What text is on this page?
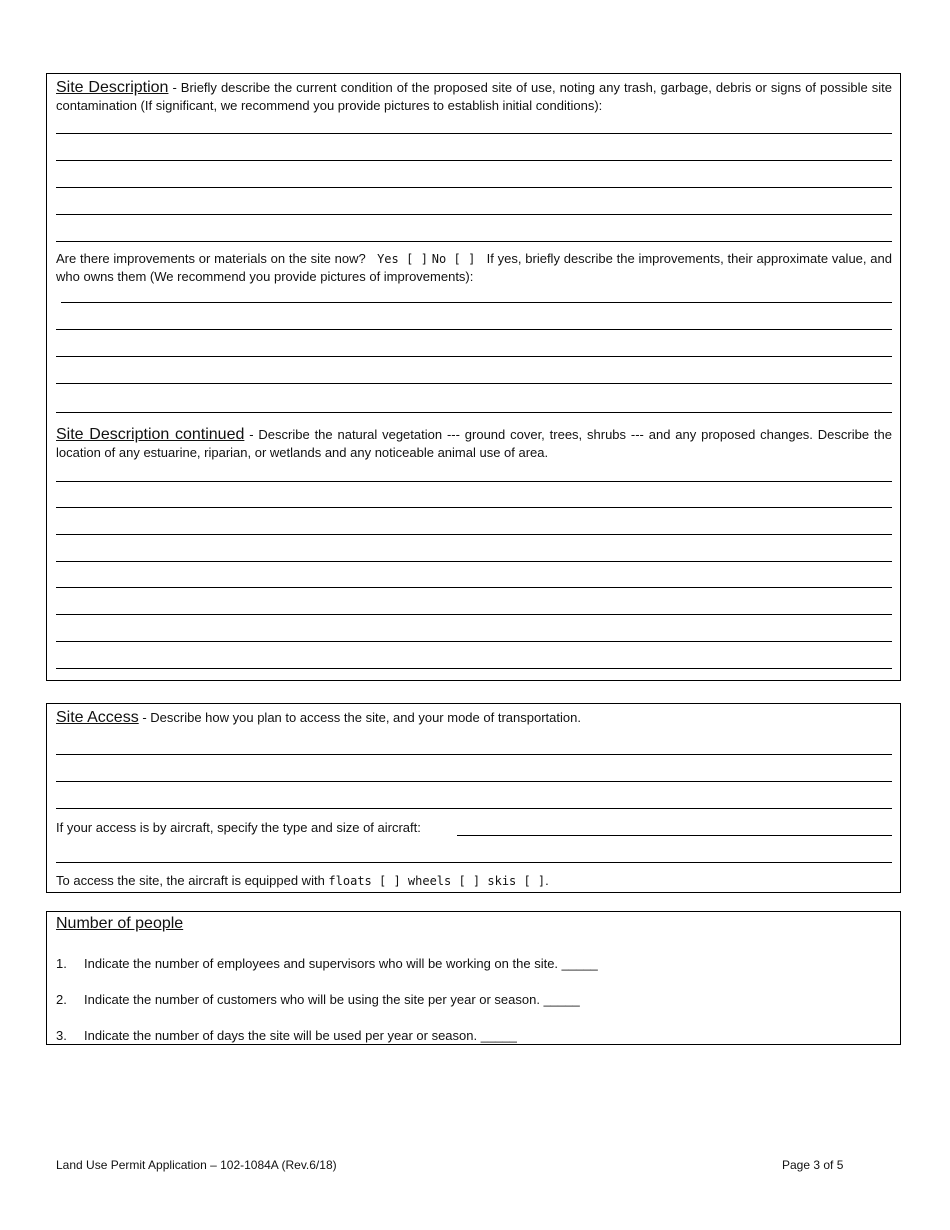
Site Description - Briefly describe the current condition of the proposed site of use, noting any trash, garbage, debris or signs of possible site contamination (If significant, we recommend you provide pictures to establish initial conditions):
Are there improvements or materials on the site now? Yes [ ] No [ ] If yes, briefly describe the improvements, their approximate value, and who owns them (We recommend you provide pictures of improvements):
Site Description continued - Describe the natural vegetation --- ground cover, trees, shrubs --- and any proposed changes. Describe the location of any estuarine, riparian, or wetlands and any noticeable animal use of area.
Site Access - Describe how you plan to access the site, and your mode of transportation.
If your access is by aircraft, specify the type and size of aircraft:
To access the site, the aircraft is equipped with floats [ ] wheels [ ] skis [ ].
Number of people
1. Indicate the number of employees and supervisors who will be working on the site. _____
2. Indicate the number of customers who will be using the site per year or season. _____
3. Indicate the number of days the site will be used per year or season. _____
Land Use Permit Application – 102-1084A (Rev.6/18)	Page 3 of 5
